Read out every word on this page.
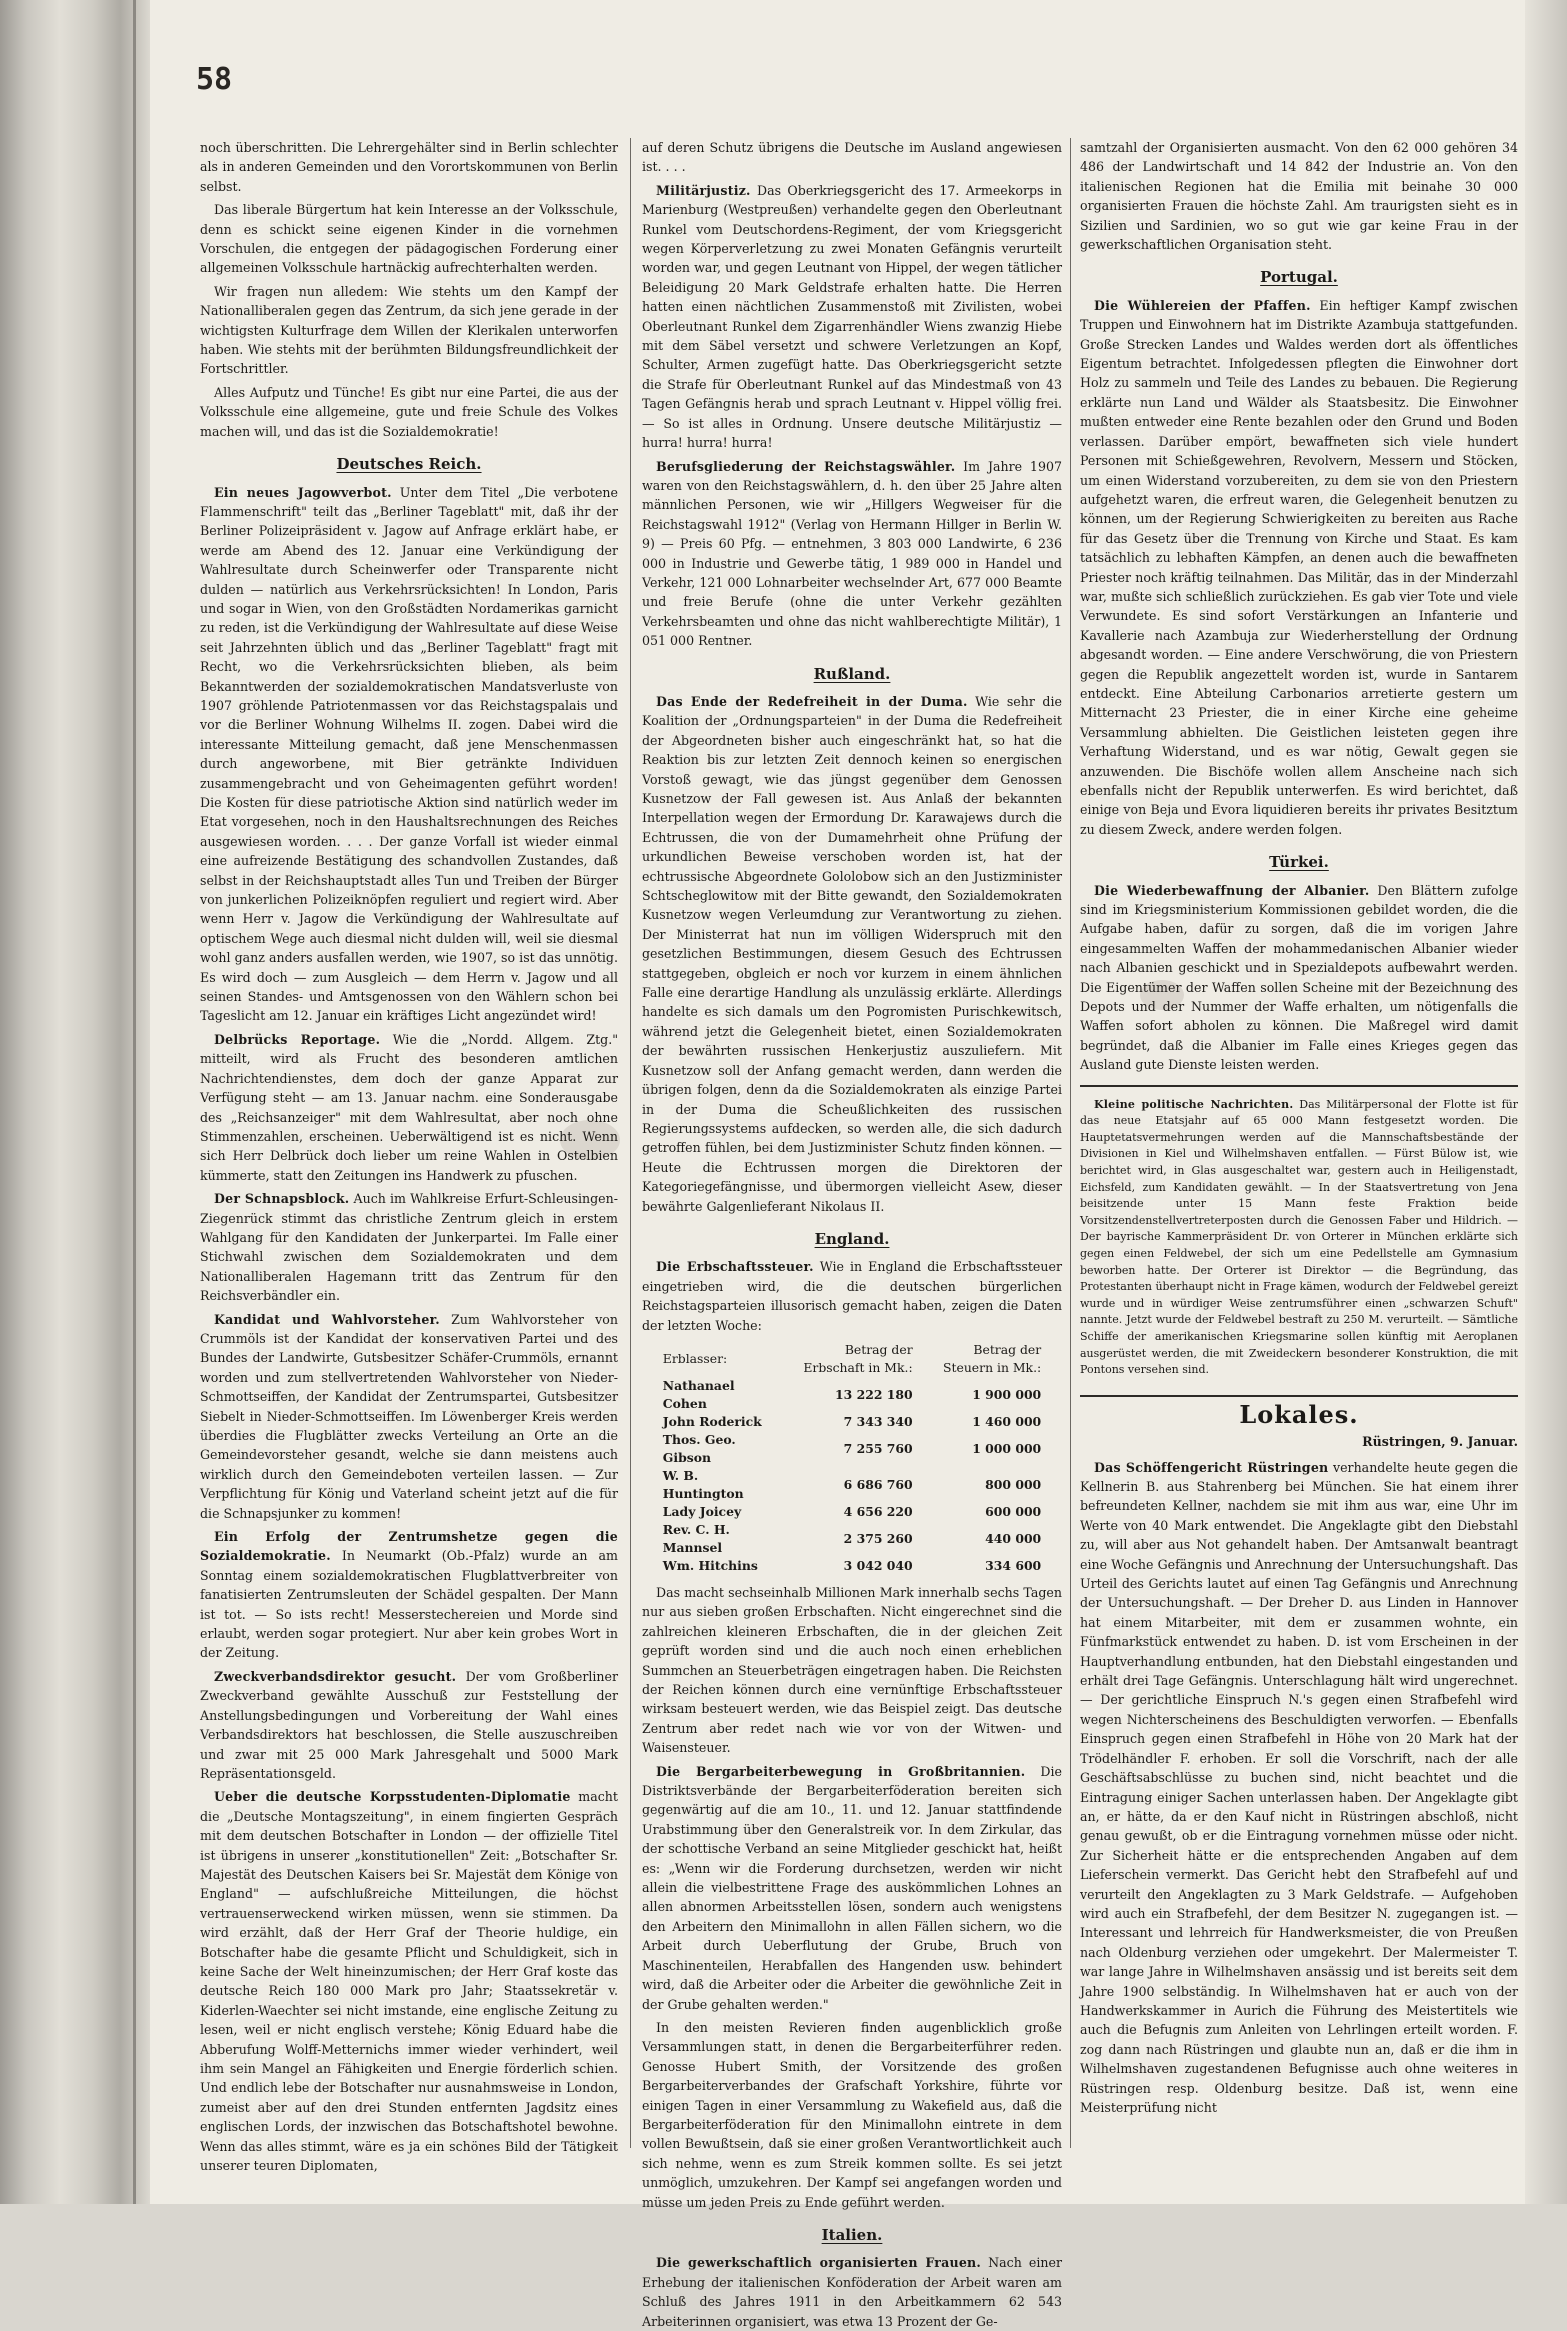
58

noch überschritten. Die Lehrergehälter sind in Berlin schlechter als in anderen Gemeinden und den Vorortskommunen von Berlin selbst.

Das liberale Bürgertum hat kein Interesse an der Volksschule, denn es schickt seine eigenen Kinder in die vornehmen Vorschulen, die entgegen der pädagogischen Forderung einer allgemeinen Volksschule hartnäckig aufrechterhalten werden.

Wir fragen nun alledem: Wie stehts um den Kampf der Nationalliberalen gegen das Zentrum, da sich jene gerade in der wichtigsten Kulturfrage dem Willen der Klerikalen unterworfen haben. Wie stehts mit der berühmten Bildungsfreundlichkeit der Fortschrittler.

Alles Aufputz und Tünche! Es gibt nur eine Partei, die aus der Volksschule eine allgemeine, gute und freie Schule des Volkes machen will, und das ist die Sozialdemokratie!

Deutsches Reich.

Ein neues Jagowverbot. Unter dem Titel „Die verbotene Flammenschrift" teilt das „Berliner Tageblatt" mit, daß ihr der Berliner Polizeipräsident v. Jagow auf Anfrage erklärt habe, er werde am Abend des 12. Januar eine Verkündigung der Wahlresultate durch Scheinwerfer oder Transparente nicht dulden — natürlich aus Verkehrsrücksichten! In London, Paris und sogar in Wien, von den Großstädten Nordamerikas garnicht zu reden, ist die Verkündigung der Wahlresultate auf diese Weise seit Jahrzehnten üblich und das „Berliner Tageblatt" fragt mit Recht, wo die Verkehrsrücksichten blieben, als beim Bekanntwerden der sozialdemokratischen Mandatsverluste von 1907 gröhlende Patriotenmassen vor das Reichstagspalais und vor die Berliner Wohnung Wilhelms II. zogen. Dabei wird die interessante Mitteilung gemacht, daß jene Menschenmassen durch angeworbene, mit Bier getränkte Individuen zusammengebracht und von Geheimagenten geführt worden! Die Kosten für diese patriotische Aktion sind natürlich weder im Etat vorgesehen, noch in den Haushaltsrechnungen des Reiches ausgewiesen worden. . . . Der ganze Vorfall ist wieder einmal eine aufreizende Bestätigung des schandvollen Zustandes, daß selbst in der Reichshauptstadt alles Tun und Treiben der Bürger von junkerlichen Polizeiknöpfen reguliert und regiert wird. Aber wenn Herr v. Jagow die Verkündigung der Wahlresultate auf optischem Wege auch diesmal nicht dulden will, weil sie diesmal wohl ganz anders ausfallen werden, wie 1907, so ist das unnötig. Es wird doch — zum Ausgleich — dem Herrn v. Jagow und all seinen Standes- und Amtsgenossen von den Wählern schon bei Tageslicht am 12. Januar ein kräftiges Licht angezündet wird!

Delbrücks Reportage. Wie die „Nordd. Allgem. Ztg." mitteilt, wird als Frucht des besonderen amtlichen Nachrichtendienstes, dem doch der ganze Apparat zur Verfügung steht — am 13. Januar nachm. eine Sonderausgabe des „Reichsanzeiger" mit dem Wahlresultat, aber noch ohne Stimmenzahlen, erscheinen. Ueberwältigend ist es nicht. Wenn sich Herr Delbrück doch lieber um reine Wahlen in Ostelbien kümmerte, statt den Zeitungen ins Handwerk zu pfuschen.

Der Schnapsblock. Auch im Wahlkreise Erfurt-Schleusingen-Ziegenrück stimmt das christliche Zentrum gleich in erstem Wahlgang für den Kandidaten der Junkerpartei. Im Falle einer Stichwahl zwischen dem Sozialdemokraten und dem Nationalliberalen Hagemann tritt das Zentrum für den Reichsverbändler ein.

Kandidat und Wahlvorsteher. Zum Wahlvorsteher von Crummöls ist der Kandidat der konservativen Partei und des Bundes der Landwirte, Gutsbesitzer Schäfer-Crummöls, ernannt worden und zum stellvertretenden Wahlvorsteher von Nieder-Schmottseiffen, der Kandidat der Zentrumspartei, Gutsbesitzer Siebelt in Nieder-Schmottseiffen. Im Löwenberger Kreis werden überdies die Flugblätter zwecks Verteilung an Orte an die Gemeindevorsteher gesandt, welche sie dann meistens auch wirklich durch den Gemeindeboten verteilen lassen. — Zur Verpflichtung für König und Vaterland scheint jetzt auf die für die Schnapsjunker zu kommen!

Ein Erfolg der Zentrumshetze gegen die Sozialdemokratie. In Neumarkt (Ob.-Pfalz) wurde an am Sonntag einem sozialdemokratischen Flugblattverbreiter von fanatisierten Zentrumsleuten der Schädel gespalten. Der Mann ist tot. — So ists recht! Messerstechereien und Morde sind erlaubt, werden sogar protegiert. Nur aber kein grobes Wort in der Zeitung.

Zweckverbandsdirektor gesucht. Der vom Großberliner Zweckverband gewählte Ausschuß zur Feststellung der Anstellungsbedingungen und Vorbereitung der Wahl eines Verbandsdirektors hat beschlossen, die Stelle auszuschreiben und zwar mit 25 000 Mark Jahresgehalt und 5000 Mark Repräsentationsgeld.

Ueber die deutsche Korpsstudenten-Diplomatie macht die „Deutsche Montagszeitung", in einem fingierten Gespräch mit dem deutschen Botschafter in London — der offizielle Titel ist übrigens in unserer „konstitutionellen" Zeit: „Botschafter Sr. Majestät des Deutschen Kaisers bei Sr. Majestät dem Könige von England" — aufschlußreiche Mitteilungen, die höchst vertrauenserweckend wirken müssen, wenn sie stimmen. Da wird erzählt, daß der Herr Graf der Theorie huldige, ein Botschafter habe die gesamte Pflicht und Schuldigkeit, sich in keine Sache der Welt hineinzumischen; der Herr Graf koste das deutsche Reich 180 000 Mark pro Jahr; Staatssekretär v. Kiderlen-Waechter sei nicht imstande, eine englische Zeitung zu lesen, weil er nicht englisch verstehe; König Eduard habe die Abberufung Wolff-Metternichs immer wieder verhindert, weil ihm sein Mangel an Fähigkeiten und Energie förderlich schien. Und endlich lebe der Botschafter nur ausnahmsweise in London, zumeist aber auf den drei Stunden entfernten Jagdsitz eines englischen Lords, der inzwischen das Botschaftshotel bewohne. Wenn das alles stimmt, wäre es ja ein schönes Bild der Tätigkeit unserer teuren Diplomaten,

auf deren Schutz übrigens die Deutsche im Ausland angewiesen ist. . . .

Militärjustiz. Das Oberkriegsgericht des 17. Armeekorps in Marienburg (Westpreußen) verhandelte gegen den Oberleutnant Runkel vom Deutschordens-Regiment, der vom Kriegsgericht wegen Körperverletzung zu zwei Monaten Gefängnis verurteilt worden war, und gegen Leutnant von Hippel, der wegen tätlicher Beleidigung 20 Mark Geldstrafe erhalten hatte. Die Herren hatten einen nächtlichen Zusammenstoß mit Zivilisten, wobei Oberleutnant Runkel dem Zigarrenhändler Wiens zwanzig Hiebe mit dem Säbel versetzt und schwere Verletzungen an Kopf, Schulter, Armen zugefügt hatte. Das Oberkriegsgericht setzte die Strafe für Oberleutnant Runkel auf das Mindestmaß von 43 Tagen Gefängnis herab und sprach Leutnant v. Hippel völlig frei. — So ist alles in Ordnung. Unsere deutsche Militärjustiz — hurra! hurra! hurra!

Berufsgliederung der Reichstagswähler. Im Jahre 1907 waren von den Reichstagswählern, d. h. den über 25 Jahre alten männlichen Personen, wie wir „Hillgers Wegweiser für die Reichstagswahl 1912" (Verlag von Hermann Hillger in Berlin W. 9) — Preis 60 Pfg. — entnehmen, 3 803 000 Landwirte, 6 236 000 in Industrie und Gewerbe tätig, 1 989 000 in Handel und Verkehr, 121 000 Lohnarbeiter wechselnder Art, 677 000 Beamte und freie Berufe (ohne die unter Verkehr gezählten Verkehrsbeamten und ohne das nicht wahlberechtigte Militär), 1 051 000 Rentner.

Rußland.

Das Ende der Redefreiheit in der Duma. Wie sehr die Koalition der „Ordnungsparteien" in der Duma die Redefreiheit der Abgeordneten bisher auch eingeschränkt hat, so hat die Reaktion bis zur letzten Zeit dennoch keinen so energischen Vorstoß gewagt, wie das jüngst gegenüber dem Genossen Kusnetzow der Fall gewesen ist. Aus Anlaß der bekannten Interpellation wegen der Ermordung Dr. Karawajews durch die Echtrussen, die von der Dumamehrheit ohne Prüfung der urkundlichen Beweise verschoben worden ist, hat der echtrussische Abgeordnete Gololobow sich an den Justizminister Schtscheglowitow mit der Bitte gewandt, den Sozialdemokraten Kusnetzow wegen Verleumdung zur Verantwortung zu ziehen. Der Ministerrat hat nun im völligen Widerspruch mit den gesetzlichen Bestimmungen, diesem Gesuch des Echtrussen stattgegeben, obgleich er noch vor kurzem in einem ähnlichen Falle eine derartige Handlung als unzulässig erklärte. Allerdings handelte es sich damals um den Pogromisten Purischkewitsch, während jetzt die Gelegenheit bietet, einen Sozialdemokraten der bewährten russischen Henkerjustiz auszuliefern. Mit Kusnetzow soll der Anfang gemacht werden, dann werden die übrigen folgen, denn da die Sozialdemokraten als einzige Partei in der Duma die Scheußlichkeiten des russischen Regierungssystems aufdecken, so werden alle, die sich dadurch getroffen fühlen, bei dem Justizminister Schutz finden können. — Heute die Echtrussen morgen die Direktoren der Kategoriegefängnisse, und übermorgen vielleicht Asew, dieser bewährte Galgenlieferant Nikolaus II.

England.

Die Erbschaftssteuer. Wie in England die Erbschaftssteuer eingetrieben wird, die die deutschen bürgerlichen Reichstagsparteien illusorisch gemacht haben, zeigen die Daten der letzten Woche:

Erblasser:	Betrag der Erbschaft in Mk.:	Betrag der Steuern in Mk.:
Nathanael Cohen	13 222 180	1 900 000
John Roderick	7 343 340	1 460 000
Thos. Geo. Gibson	7 255 760	1 000 000
W. B. Huntington	6 686 760	800 000
Lady Joicey	4 656 220	600 000
Rev. C. H. Mannsel	2 375 260	440 000
Wm. Hitchins	3 042 040	334 600

Das macht sechseinhalb Millionen Mark innerhalb sechs Tagen nur aus sieben großen Erbschaften. Nicht eingerechnet sind die zahlreichen kleineren Erbschaften, die in der gleichen Zeit geprüft worden sind und die auch noch einen erheblichen Summchen an Steuerbeträgen eingetragen haben. Die Reichsten der Reichen können durch eine vernünftige Erbschaftssteuer wirksam besteuert werden, wie das Beispiel zeigt. Das deutsche Zentrum aber redet nach wie vor von der Witwen- und Waisensteuer.

Die Bergarbeiterbewegung in Großbritannien. Die Distriktsverbände der Bergarbeiterföderation bereiten sich gegenwärtig auf die am 10., 11. und 12. Januar stattfindende Urabstimmung über den Generalstreik vor. In dem Zirkular, das der schottische Verband an seine Mitglieder geschickt hat, heißt es: „Wenn wir die Forderung durchsetzen, werden wir nicht allein die vielbestrittene Frage des auskömmlichen Lohnes an allen abnormen Arbeitsstellen lösen, sondern auch wenigstens den Arbeitern den Minimallohn in allen Fällen sichern, wo die Arbeit durch Ueberflutung der Grube, Bruch von Maschinenteilen, Herabfallen des Hangenden usw. behindert wird, daß die Arbeiter oder die Arbeiter die gewöhnliche Zeit in der Grube gehalten werden."

In den meisten Revieren finden augenblicklich große Versammlungen statt, in denen die Bergarbeiterführer reden. Genosse Hubert Smith, der Vorsitzende des großen Bergarbeiterverbandes der Grafschaft Yorkshire, führte vor einigen Tagen in einer Versammlung zu Wakefield aus, daß die Bergarbeiterföderation für den Minimallohn eintrete in dem vollen Bewußtsein, daß sie einer großen Verantwortlichkeit auch sich nehme, wenn es zum Streik kommen sollte. Es sei jetzt unmöglich, umzukehren. Der Kampf sei angefangen worden und müsse um jeden Preis zu Ende geführt werden.

Italien.

Die gewerkschaftlich organisierten Frauen. Nach einer Erhebung der italienischen Konföderation der Arbeit waren am Schluß des Jahres 1911 in den Arbeitkammern 62 543 Arbeiterinnen organisiert, was etwa 13 Prozent der Ge-

samtzahl der Organisierten ausmacht. Von den 62 000 gehören 34 486 der Landwirtschaft und 14 842 der Industrie an. Von den italienischen Regionen hat die Emilia mit beinahe 30 000 organisierten Frauen die höchste Zahl. Am traurigsten sieht es in Sizilien und Sardinien, wo so gut wie gar keine Frau in der gewerkschaftlichen Organisation steht.

Portugal.

Die Wühlereien der Pfaffen. Ein heftiger Kampf zwischen Truppen und Einwohnern hat im Distrikte Azambuja stattgefunden. Große Strecken Landes und Waldes werden dort als öffentliches Eigentum betrachtet. Infolgedessen pflegten die Einwohner dort Holz zu sammeln und Teile des Landes zu bebauen. Die Regierung erklärte nun Land und Wälder als Staatsbesitz. Die Einwohner mußten entweder eine Rente bezahlen oder den Grund und Boden verlassen. Darüber empört, bewaffneten sich viele hundert Personen mit Schießgewehren, Revolvern, Messern und Stöcken, um einen Widerstand vorzubereiten, zu dem sie von den Priestern aufgehetzt waren, die erfreut waren, die Gelegenheit benutzen zu können, um der Regierung Schwierigkeiten zu bereiten aus Rache für das Gesetz über die Trennung von Kirche und Staat. Es kam tatsächlich zu lebhaften Kämpfen, an denen auch die bewaffneten Priester noch kräftig teilnahmen. Das Militär, das in der Minderzahl war, mußte sich schließlich zurückziehen. Es gab vier Tote und viele Verwundete. Es sind sofort Verstärkungen an Infanterie und Kavallerie nach Azambuja zur Wiederherstellung der Ordnung abgesandt worden. — Eine andere Verschwörung, die von Priestern gegen die Republik angezettelt worden ist, wurde in Santarem entdeckt. Eine Abteilung Carbonarios arretierte gestern um Mitternacht 23 Priester, die in einer Kirche eine geheime Versammlung abhielten. Die Geistlichen leisteten gegen ihre Verhaftung Widerstand, und es war nötig, Gewalt gegen sie anzuwenden. Die Bischöfe wollen allem Anscheine nach sich ebenfalls nicht der Republik unterwerfen. Es wird berichtet, daß einige von Beja und Evora liquidieren bereits ihr privates Besitztum zu diesem Zweck, andere werden folgen.

Türkei.

Die Wiederbewaffnung der Albanier. Den Blättern zufolge sind im Kriegsministerium Kommissionen gebildet worden, die die Aufgabe haben, dafür zu sorgen, daß die im vorigen Jahre eingesammelten Waffen der mohammedanischen Albanier wieder nach Albanien geschickt und in Spezialdepots aufbewahrt werden. Die Eigentümer der Waffen sollen Scheine mit der Bezeichnung des Depots und der Nummer der Waffe erhalten, um nötigenfalls die Waffen sofort abholen zu können. Die Maßregel wird damit begründet, daß die Albanier im Falle eines Krieges gegen das Ausland gute Dienste leisten werden.

Kleine politische Nachrichten. Das Militärpersonal der Flotte ist für das neue Etatsjahr auf 65 000 Mann festgesetzt worden. Die Hauptetatsvermehrungen werden auf die Mannschaftsbestände der Divisionen in Kiel und Wilhelmshaven entfallen. — Fürst Bülow ist, wie berichtet wird, in Glas ausgeschaltet war, gestern auch in Heiligenstadt, Eichsfeld, zum Kandidaten gewählt. — In der Staatsvertretung von Jena beisitzende unter 15 Mann feste Fraktion beide Vorsitzendenstellvertreterposten durch die Genossen Faber und Hildrich. — Der bayrische Kammerpräsident Dr. von Orterer in München erklärte sich gegen einen Feldwebel, der sich um eine Pedellstelle am Gymnasium beworben hatte. Der Orterer ist Direktor — die Begründung, das Protestanten überhaupt nicht in Frage kämen, wodurch der Feldwebel gereizt wurde und in würdiger Weise zentrumsführer einen „schwarzen Schuft" nannte. Jetzt wurde der Feldwebel bestraft zu 250 M. verurteilt. — Sämtliche Schiffe der amerikanischen Kriegsmarine sollen künftig mit Aeroplanen ausgerüstet werden, die mit Zweideckern besonderer Konstruktion, die mit Pontons versehen sind.

Lokales.
Rüstringen, 9. Januar.

Das Schöffengericht Rüstringen verhandelte heute gegen die Kellnerin B. aus Stahrenberg bei München. Sie hat einem ihrer befreundeten Kellner, nachdem sie mit ihm aus war, eine Uhr im Werte von 40 Mark entwendet. Die Angeklagte gibt den Diebstahl zu, will aber aus Not gehandelt haben. Der Amtsanwalt beantragt eine Woche Gefängnis und Anrechnung der Untersuchungshaft. Das Urteil des Gerichts lautet auf einen Tag Gefängnis und Anrechnung der Untersuchungshaft. — Der Dreher D. aus Linden in Hannover hat einem Mitarbeiter, mit dem er zusammen wohnte, ein Fünfmarkstück entwendet zu haben. D. ist vom Erscheinen in der Hauptverhandlung entbunden, hat den Diebstahl eingestanden und erhält drei Tage Gefängnis. Unterschlagung hält wird ungerechnet. — Der gerichtliche Einspruch N.'s gegen einen Strafbefehl wird wegen Nichterscheinens des Beschuldigten verworfen. — Ebenfalls Einspruch gegen einen Strafbefehl in Höhe von 20 Mark hat der Trödelhändler F. erhoben. Er soll die Vorschrift, nach der alle Geschäftsabschlüsse zu buchen sind, nicht beachtet und die Eintragung einiger Sachen unterlassen haben. Der Angeklagte gibt an, er hätte, da er den Kauf nicht in Rüstringen abschloß, nicht genau gewußt, ob er die Eintragung vornehmen müsse oder nicht. Zur Sicherheit hätte er die entsprechenden Angaben auf dem Lieferschein vermerkt. Das Gericht hebt den Strafbefehl auf und verurteilt den Angeklagten zu 3 Mark Geldstrafe. — Aufgehoben wird auch ein Strafbefehl, der dem Besitzer N. zugegangen ist. — Interessant und lehrreich für Handwerksmeister, die von Preußen nach Oldenburg verziehen oder umgekehrt. Der Malermeister T. war lange Jahre in Wilhelmshaven ansässig und ist bereits seit dem Jahre 1900 selbständig. In Wilhelmshaven hat er auch von der Handwerkskammer in Aurich die Führung des Meistertitels wie auch die Befugnis zum Anleiten von Lehrlingen erteilt worden. F. zog dann nach Rüstringen und glaubte nun an, daß er die ihm in Wilhelmshaven zugestandenen Befugnisse auch ohne weiteres in Rüstringen resp. Oldenburg besitze. Daß ist, wenn eine Meisterprüfung nicht
